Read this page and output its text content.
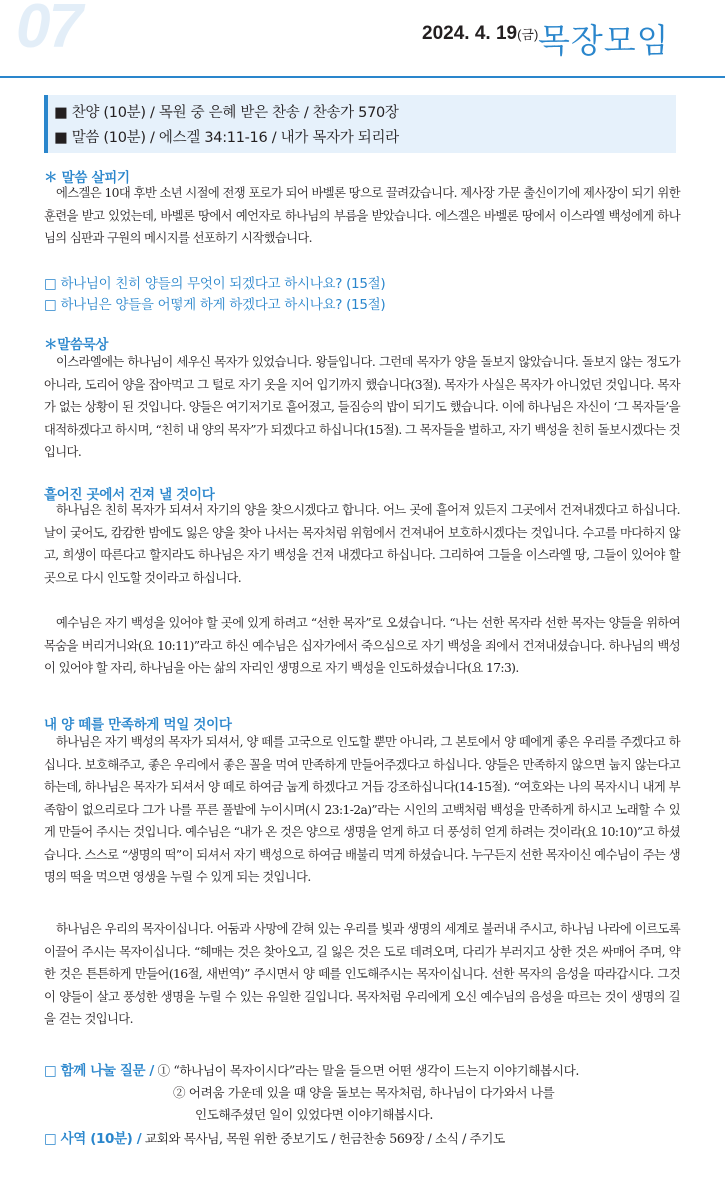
07	2024. 4. 19(금) 목장모임
■ 찬양 (10분) / 목원 중 은혜 받은 찬송 / 찬송가 570장
■ 말씀 (10분) / 에스겔 34:11-16 / 내가 목자가 되리라
＊ 말씀 살피기

에스겔은 10대 후반 소년 시절에 전쟁 포로가 되어 바벨론 땅으로 끌려갔습니다. 제사장 가문 출신이기에 제사장이 되기 위한 훈련을 받고 있었는데, 바벨론 땅에서 예언자로 하나님의 부름을 받았습니다. 에스겔은 바벨론 땅에서 이스라엘 백성에게 하나님의 심판과 구원의 메시지를 선포하기 시작했습니다.

□ 하나님이 친히 양들의 무엇이 되겠다고 하시나요? (15절)
□ 하나님은 양들을 어떻게 하게 하겠다고 하시나요? (15절)
＊말씀묵상

이스라엘에는 하나님이 세우신 목자가 있었습니다. 왕들입니다. 그런데 목자가 양을 돌보지 않았습니다. 돌보지 않는 정도가 아니라, 도리어 양을 잡아먹고 그 털로 자기 옷을 지어 입기까지 했습니다(3절). 목자가 사실은 목자가 아니었던 것입니다. 목자가 없는 상황이 된 것입니다. 양들은 여기저기로 흩어졌고, 들짐승의 밥이 되기도 했습니다. 이에 하나님은 자신이 ‘그 목자들’을 대적하겠다고 하시며, “친히 내 양의 목자”가 되겠다고 하십니다(15절). 그 목자들을 벌하고, 자기 백성을 친히 돌보시겠다는 것입니다.

흩어진 곳에서 건져 낼 것이다

하나님은 친히 목자가 되셔서 자기의 양을 찾으시겠다고 합니다. 어느 곳에 흩어져 있든지 그곳에서 건져내겠다고 하십니다. 날이 궂어도, 캄캄한 밤에도 잃은 양을 찾아 나서는 목자처럼 위험에서 건져내어 보호하시겠다는 것입니다. 수고를 마다하지 않고, 희생이 따른다고 할지라도 하나님은 자기 백성을 건져 내겠다고 하십니다. 그리하여 그들을 이스라엘 땅, 그들이 있어야 할 곳으로 다시 인도할 것이라고 하십니다.

예수님은 자기 백성을 있어야 할 곳에 있게 하려고 “선한 목자”로 오셨습니다. “나는 선한 목자라 선한 목자는 양들을 위하여 목숨을 버리거니와(요 10:11)”라고 하신 예수님은 십자가에서 죽으심으로 자기 백성을 죄에서 건져내셨습니다. 하나님의 백성이 있어야 할 자리, 하나님을 아는 삶의 자리인 생명으로 자기 백성을 인도하셨습니다(요 17:3).

내 양 떼를 만족하게 먹일 것이다

하나님은 자기 백성의 목자가 되셔서, 양 떼를 고국으로 인도할 뿐만 아니라, 그 본토에서 양 떼에게 좋은 우리를 주겠다고 하십니다. 보호해주고, 좋은 우리에서 좋은 꼴을 먹여 만족하게 만들어주겠다고 하십니다. 양들은 만족하지 않으면 눕지 않는다고 하는데, 하나님은 목자가 되셔서 양 떼로 하여금 눕게 하겠다고 거듭 강조하십니다(14-15절). “여호와는 나의 목자시니 내게 부족함이 없으리로다 그가 나를 푸른 풀밭에 누이시며(시 23:1-2a)”라는 시인의 고백처럼 백성을 만족하게 하시고 노래할 수 있게 만들어 주시는 것입니다. 예수님은 “내가 온 것은 양으로 생명을 얻게 하고 더 풍성히 얻게 하려는 것이라(요 10:10)”고 하셨습니다. 스스로 “생명의 떡”이 되셔서 자기 백성으로 하여금 배불리 먹게 하셨습니다. 누구든지 선한 목자이신 예수님이 주는 생명의 떡을 먹으면 영생을 누릴 수 있게 되는 것입니다.

하나님은 우리의 목자이십니다. 어둠과 사망에 갇혀 있는 우리를 빛과 생명의 세계로 불러내 주시고, 하나님 나라에 이르도록 이끌어 주시는 목자이십니다. “헤매는 것은 찾아오고, 길 잃은 것은 도로 데려오며, 다리가 부러지고 상한 것은 싸매어 주며, 약한 것은 튼튼하게 만들어(16절, 새번역)” 주시면서 양 떼를 인도해주시는 목자이십니다. 선한 목자의 음성을 따라갑시다. 그것이 양들이 살고 풍성한 생명을 누릴 수 있는 유일한 길입니다. 목자처럼 우리에게 오신 예수님의 음성을 따르는 것이 생명의 길을 걷는 것입니다.

□ 함께 나눌 질문 / ① “하나님이 목자이시다”라는 말을 들으면 어떤 생각이 드는지 이야기해봅시다.
② 어려움 가운데 있을 때 양을 돌보는 목자처럼, 하나님이 다가와서 나를
인도해주셨던 일이 있었다면 이야기해봅시다.
□ 사역 (10분) / 교회와 목사님, 목원 위한 중보기도 / 헌금찬송 569장 / 소식 / 주기도
